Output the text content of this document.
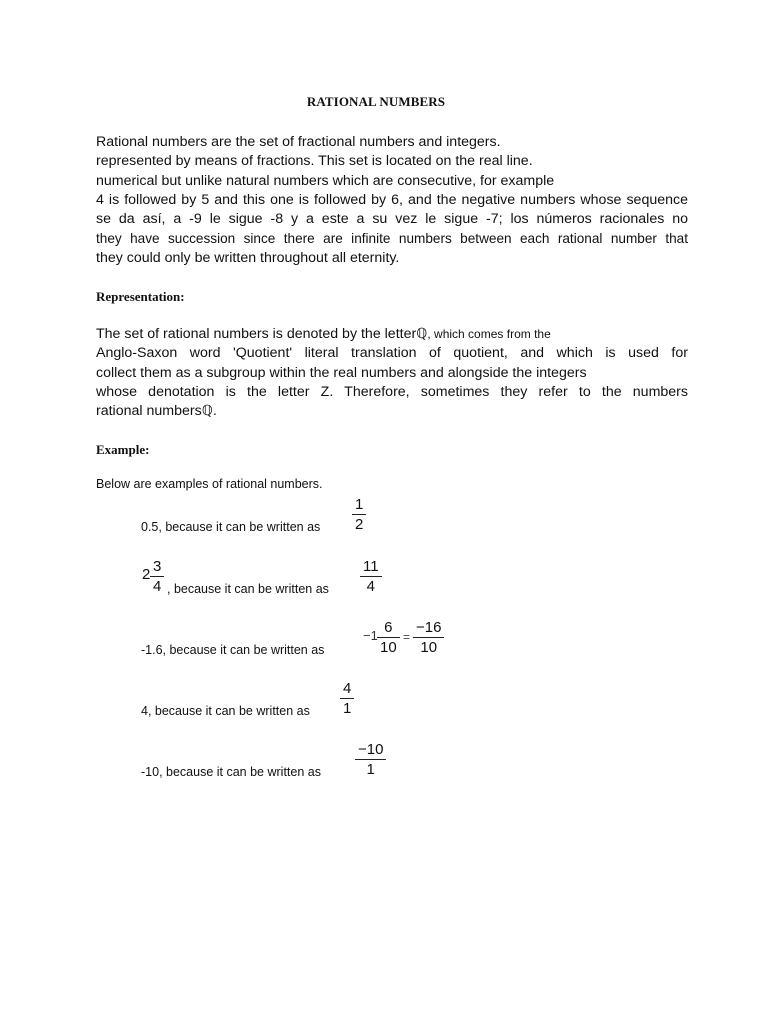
RATIONAL NUMBERS
Rational numbers are the set of fractional numbers and integers.
represented by means of fractions. This set is located on the real line.
numerical but unlike natural numbers which are consecutive, for example
4 is followed by 5 and this one is followed by 6, and the negative numbers whose sequence
se da así, a -9 le sigue -8 y a este a su vez le sigue -7; los números racionales no
they have succession since there are infinite numbers between each rational number that
they could only be written throughout all eternity.
Representation:
The set of rational numbers is denoted by the letterℚ, which comes from the
Anglo-Saxon word 'Quotient' literal translation of quotient, and which is used for
collect them as a subgroup within the real numbers and alongside the integers
whose denotation is the letter Z. Therefore, sometimes they refer to the numbers
rational numbersℚ.
Example:
Below are examples of rational numbers.
0.5, because it can be written as
1
2
2 3
4 , because it can be written as
11
4
-1.6, because it can be written as
−1 6
10
=
−16
10
4, because it can be written as
4
1
-10, because it can be written as
−10
1
